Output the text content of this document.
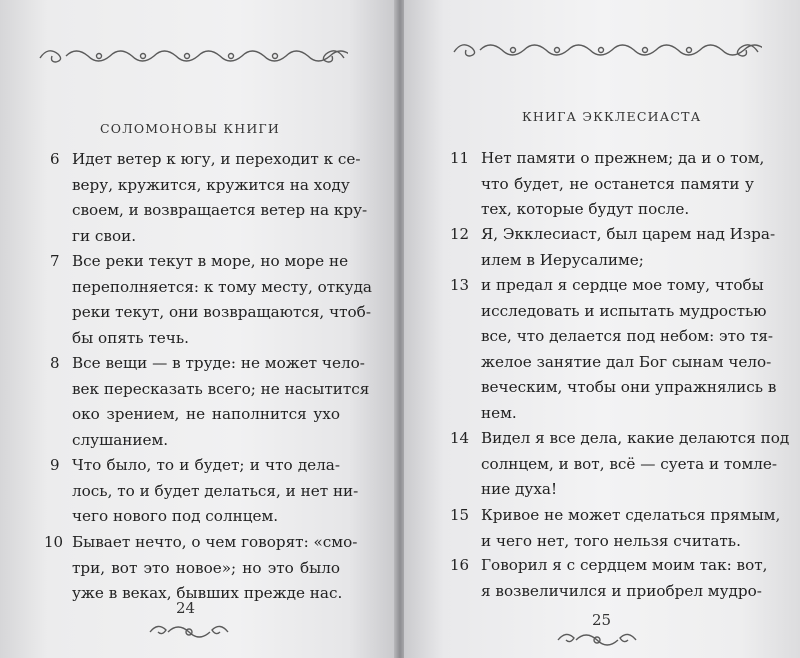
СОЛОМОНОВЫ КНИГИ
6 Идет ветер к югу, и переходит к се-
веру, кружится, кружится на ходу
своем, и возвращается ветер на кру-
ги свои.
7 Все реки текут в море, но море не
переполняется: к тому месту, откуда
реки текут, они возвращаются, чтоб-
бы опять течь.
8 Все вещи — в труде: не может чело-
век пересказать всего; не насытится
око зрением, не наполнится ухо
слушанием.
9 Что было, то и будет; и что дела-
лось, то и будет делаться, и нет ни-
чего нового под солнцем.
10 Бывает нечто, о чем говорят: «смо-
три, вот это новое»; но это было
уже в веках, бывших прежде нас.
24
КНИГА ЭККЛЕСИАСТА
11 Нет памяти о прежнем; да и о том,
что будет, не останется памяти у
тех, которые будут после.
12 Я, Экклесиаст, был царем над Изра-
илем в Иерусалиме;
13 и предал я сердце мое тому, чтобы
исследовать и испытать мудростью
все, что делается под небом: это тя-
желое занятие дал Бог сынам чело-
веческим, чтобы они упражнялись в
нем.
14 Видел я все дела, какие делаются под
солнцем, и вот, всё — суета и томле-
ние духа!
15 Кривое не может сделаться прямым,
и чего нет, того нельзя считать.
16 Говорил я с сердцем моим так: вот,
я возвеличился и приобрел мудро-
25
